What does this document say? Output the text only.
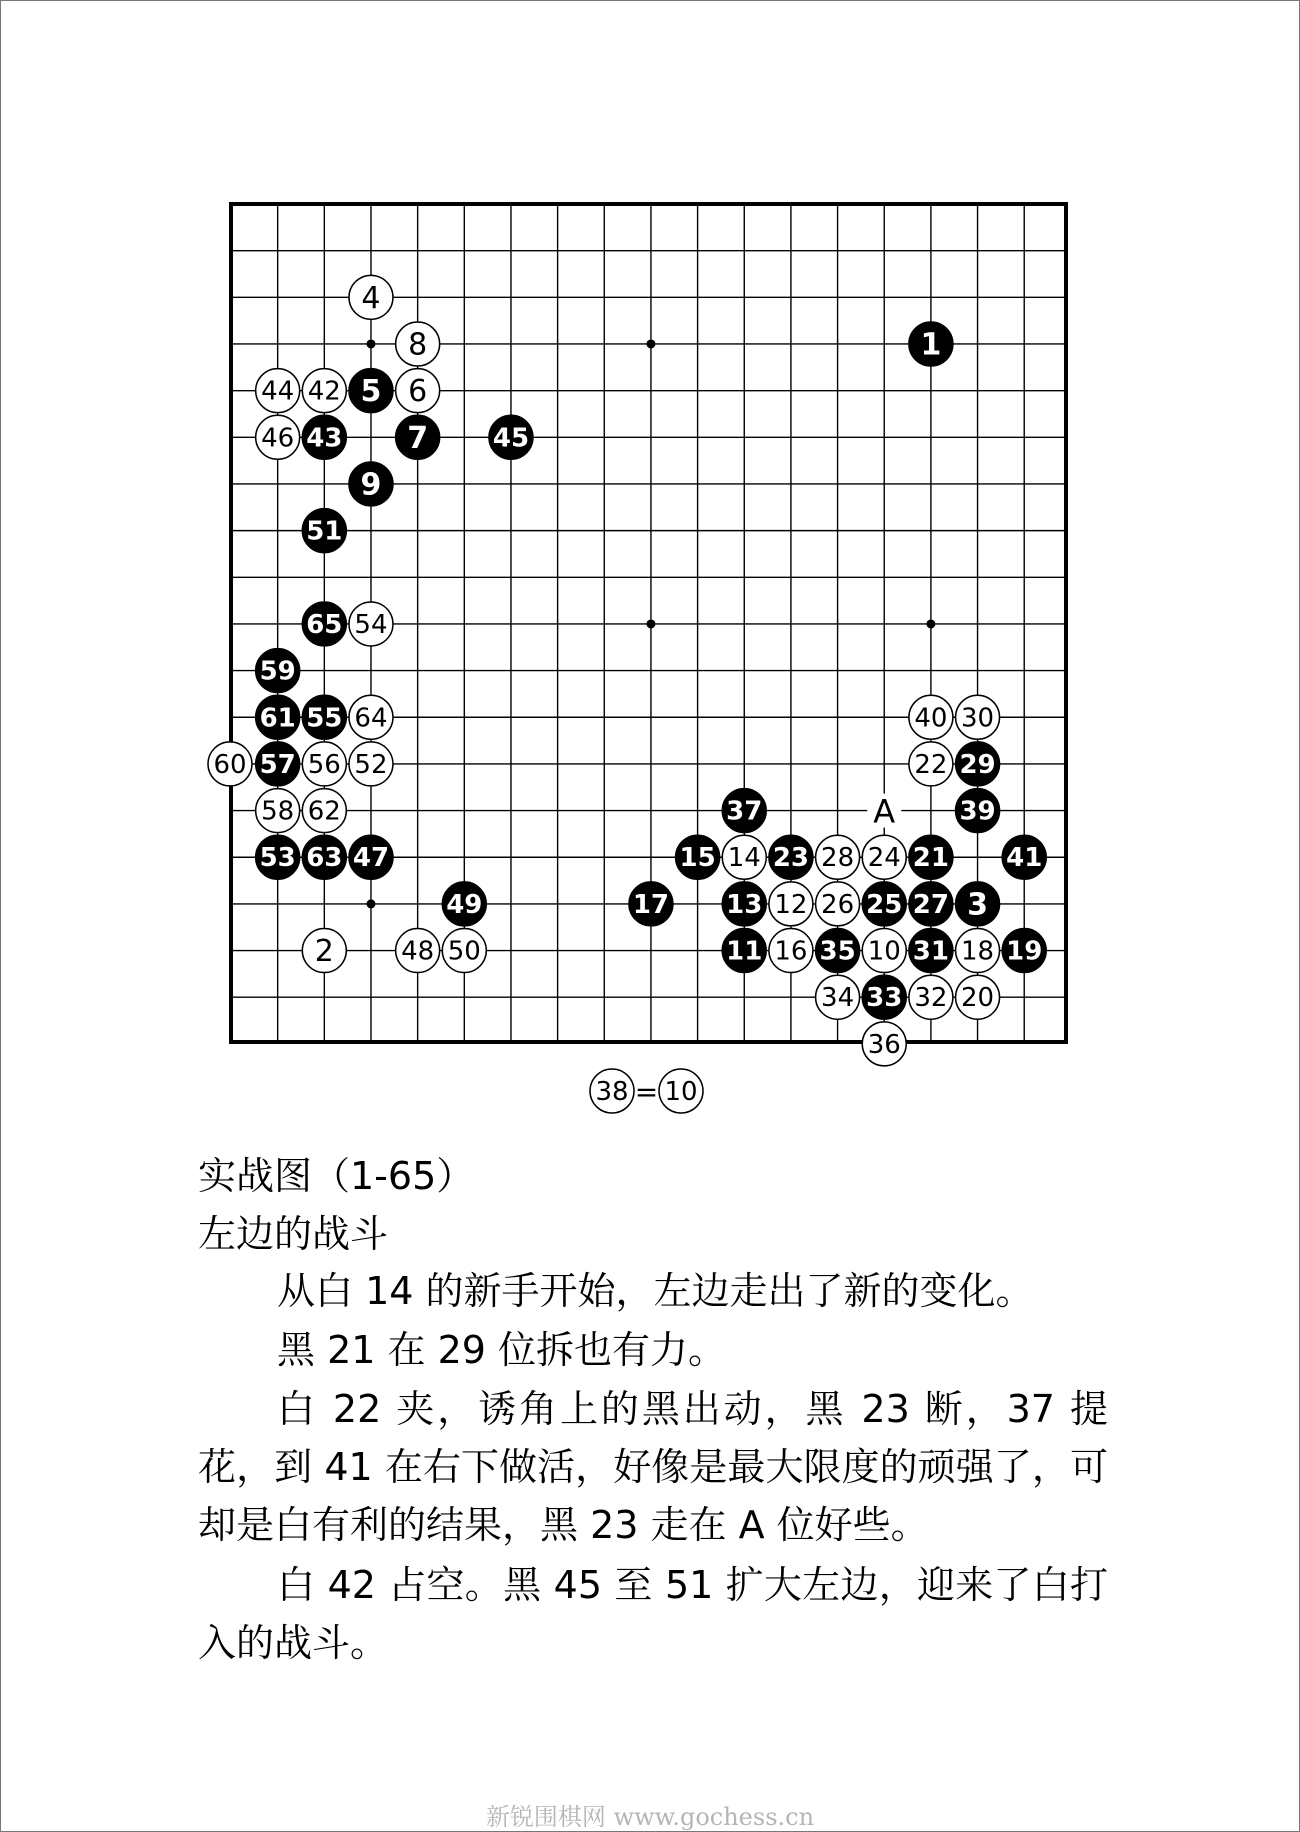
1
2
3
4
5 6
7
8
9
10
11
12
13
14
15
16
17
18 19
20
21
22
23 24
25
26 27
28
29
30
31
32
33
34
35
36
37	39
40
41
42
43
44
45
46
47
48
49
50
51
52
53
54
55
56
57
58
59
60
61
62
63
64
65
A
38 10
=
实战图（1-65）
左边的战斗
从白 14 的新手开始，左边走出了新的变化。
黑 21 在 29 位拆也有力。
白 22 夹，诱角上的黑出动，黑 23 断，37 提花，到 41 在右下做活，好像是最大限度的顽强了，可却是白有利的结果，黑 23 走在 A 位好些。
白 42 占空。黑 45 至 51 扩大左边，迎来了白打入的战斗。
新锐围棋网 www.gochess.cn
